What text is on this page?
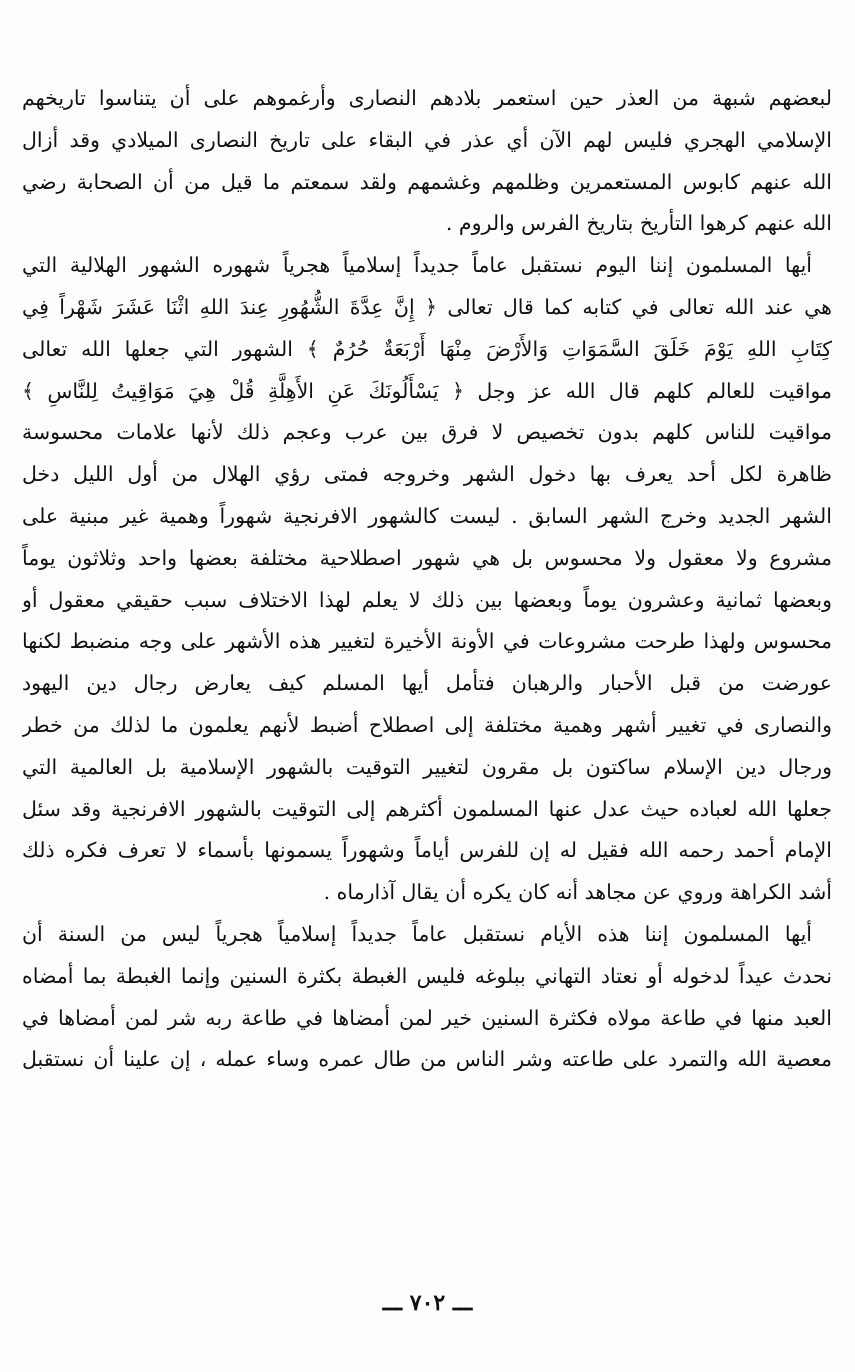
لبعضهم شبهة من العذر حين استعمر بلادهم النصارى وأرغموهم على أن يتناسوا تاريخهم
الإسلامي الهجري فليس لهم الآن أي عذر في البقاء على تاريخ النصارى الميلادي وقد أزال
الله عنهم كابوس المستعمرين وظلمهم وغشمهم ولقد سمعتم ما قيل من أن الصحابة رضي
الله عنهم كرهوا التأريخ بتاريخ الفرس والروم .
أيها المسلمون إننا اليوم نستقبل عاماً جديداً إسلامياً هجرياً شهوره الشهور الهلالية التي
هي عند الله تعالى في كتابه كما قال تعالى ﴿ إِنَّ عِدَّةَ الشُّهُورِ عِندَ اللهِ اثْنَا عَشَرَ شَهْراً فِي
كِتَابِ اللهِ يَوْمَ خَلَقَ السَّمَوَاتِ وَالأَرْضَ مِنْهَا أَرْبَعَةٌ حُرُمٌ ﴾ الشهور التي جعلها الله تعالى
مواقيت للعالم كلهم قال الله عز وجل ﴿ يَسْأَلُونَكَ عَنِ الأَهِلَّةِ قُلْ هِيَ مَوَاقِيتُ لِلنَّاسِ ﴾
مواقيت للناس كلهم بدون تخصيص لا فرق بين عرب وعجم ذلك لأنها علامات محسوسة
ظاهرة لكل أحد يعرف بها دخول الشهر وخروجه فمتى رؤي الهلال من أول الليل دخل
الشهر الجديد وخرج الشهر السابق . ليست كالشهور الافرنجية شهوراً وهمية غير مبنية على
مشروع ولا معقول ولا محسوس بل هي شهور اصطلاحية مختلفة بعضها واحد وثلاثون يوماً
وبعضها ثمانية وعشرون يوماً وبعضها بين ذلك لا يعلم لهذا الاختلاف سبب حقيقي معقول أو
محسوس ولهذا طرحت مشروعات في الأونة الأخيرة لتغيير هذه الأشهر على وجه منضبط لكنها
عورضت من قبل الأحبار والرهبان فتأمل أيها المسلم كيف يعارض رجال دين اليهود
والنصارى في تغيير أشهر وهمية مختلفة إلى اصطلاح أضبط لأنهم يعلمون ما لذلك من خطر
ورجال دين الإسلام ساكتون بل مقرون لتغيير التوقيت بالشهور الإسلامية بل العالمية التي
جعلها الله لعباده حيث عدل عنها المسلمون أكثرهم إلى التوقيت بالشهور الافرنجية وقد سئل
الإمام أحمد رحمه الله فقيل له إن للفرس أياماً وشهوراً يسمونها بأسماء لا تعرف فكره ذلك
أشد الكراهة وروي عن مجاهد أنه كان يكره أن يقال آذارماه .
أيها المسلمون إننا هذه الأيام نستقبل عاماً جديداً إسلامياً هجرياً ليس من السنة أن
نحدث عيداً لدخوله أو نعتاد التهاني ببلوغه فليس الغبطة بكثرة السنين وإنما الغبطة بما أمضاه
العبد منها في طاعة مولاه فكثرة السنين خير لمن أمضاها في طاعة ربه شر لمن أمضاها في
معصية الله والتمرد على طاعته وشر الناس من طال عمره وساء عمله ، إن علينا أن نستقبل
ـــ ٧٠٢ ـــ
